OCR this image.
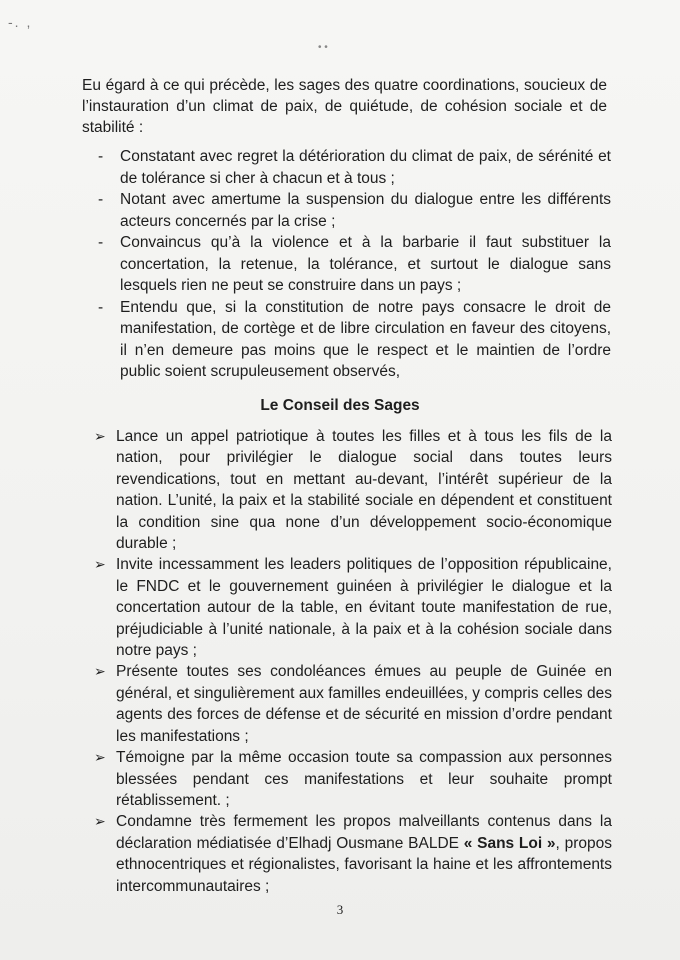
-. ,
• •

Eu égard à ce qui précède, les sages des quatre coordinations, soucieux de l’instauration d’un climat de paix, de quiétude, de cohésion sociale et de stabilité :

- Constatant avec regret la détérioration du climat de paix, de sérénité et de tolérance si cher à chacun et à tous ;
- Notant avec amertume la suspension du dialogue entre les différents acteurs concernés par la crise ;
- Convaincus qu’à la violence et à la barbarie il faut substituer la concertation, la retenue, la tolérance, et surtout le dialogue sans lesquels rien ne peut se construire dans un pays ;
- Entendu que, si la constitution de notre pays consacre le droit de manifestation, de cortège et de libre circulation en faveur des citoyens, il n’en demeure pas moins que le respect et le maintien de l’ordre public soient scrupuleusement observés,
Le Conseil des Sages
➢ Lance un appel patriotique à toutes les filles et à tous les fils de la nation, pour privilégier le dialogue social dans toutes leurs revendications, tout en mettant au-devant, l’intérêt supérieur de la nation. L’unité, la paix et la stabilité sociale en dépendent et constituent la condition sine qua none d’un développement socio-économique durable ;
➢ Invite incessamment les leaders politiques de l’opposition républicaine, le FNDC et le gouvernement guinéen à privilégier le dialogue et la concertation autour de la table, en évitant toute manifestation de rue, préjudiciable à l’unité nationale, à la paix et à la cohésion sociale dans notre pays ;
➢ Présente toutes ses condoléances émues au peuple de Guinée en général, et singulièrement aux familles endeuillées, y compris celles des agents des forces de défense et de sécurité en mission d’ordre pendant les manifestations ;
➢ Témoigne par la même occasion toute sa compassion aux personnes blessées pendant ces manifestations et leur souhaite prompt rétablissement. ;
➢ Condamne très fermement les propos malveillants contenus dans la déclaration médiatisée d’Elhadj Ousmane BALDE « Sans Loi », propos ethnocentriques et régionalistes, favorisant la haine et les affrontements intercommunautaires ;
3
